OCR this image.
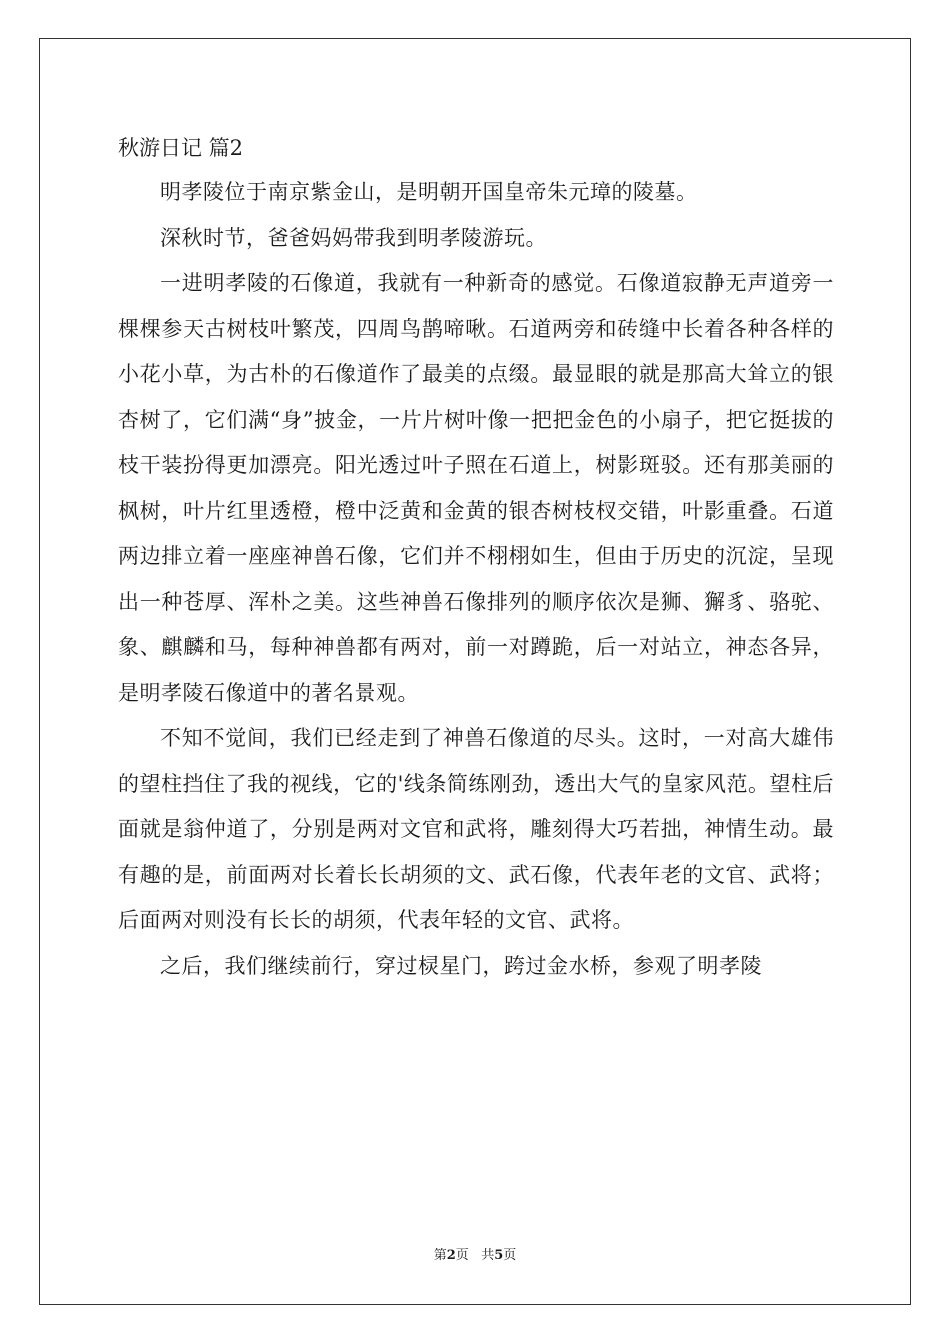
秋游日记 篇2

明孝陵位于南京紫金山，是明朝开国皇帝朱元璋的陵墓。

深秋时节，爸爸妈妈带我到明孝陵游玩。

一进明孝陵的石像道，我就有一种新奇的感觉。石像道寂静无声道旁一棵棵参天古树枝叶繁茂，四周鸟鹊啼啾。石道两旁和砖缝中长着各种各样的小花小草，为古朴的石像道作了最美的点缀。最显眼的就是那高大耸立的银杏树了，它们满“身”披金，一片片树叶像一把把金色的小扇子，把它挺拔的枝干装扮得更加漂亮。阳光透过叶子照在石道上，树影斑驳。还有那美丽的枫树，叶片红里透橙，橙中泛黄和金黄的银杏树枝杈交错，叶影重叠。石道两边排立着一座座神兽石像，它们并不栩栩如生，但由于历史的沉淀，呈现出一种苍厚、浑朴之美。这些神兽石像排列的顺序依次是狮、獬豸、骆驼、象、麒麟和马，每种神兽都有两对，前一对蹲跪，后一对站立，神态各异，是明孝陵石像道中的著名景观。

不知不觉间，我们已经走到了神兽石像道的尽头。这时，一对高大雄伟的望柱挡住了我的视线，它的'线条简练刚劲，透出大气的皇家风范。望柱后面就是翁仲道了，分别是两对文官和武将，雕刻得大巧若拙，神情生动。最有趣的是，前面两对长着长长胡须的文、武石像，代表年老的文官、武将；后面两对则没有长长的胡须，代表年轻的文官、武将。

之后，我们继续前行，穿过棂星门，跨过金水桥，参观了明孝陵

第2页 共5页
